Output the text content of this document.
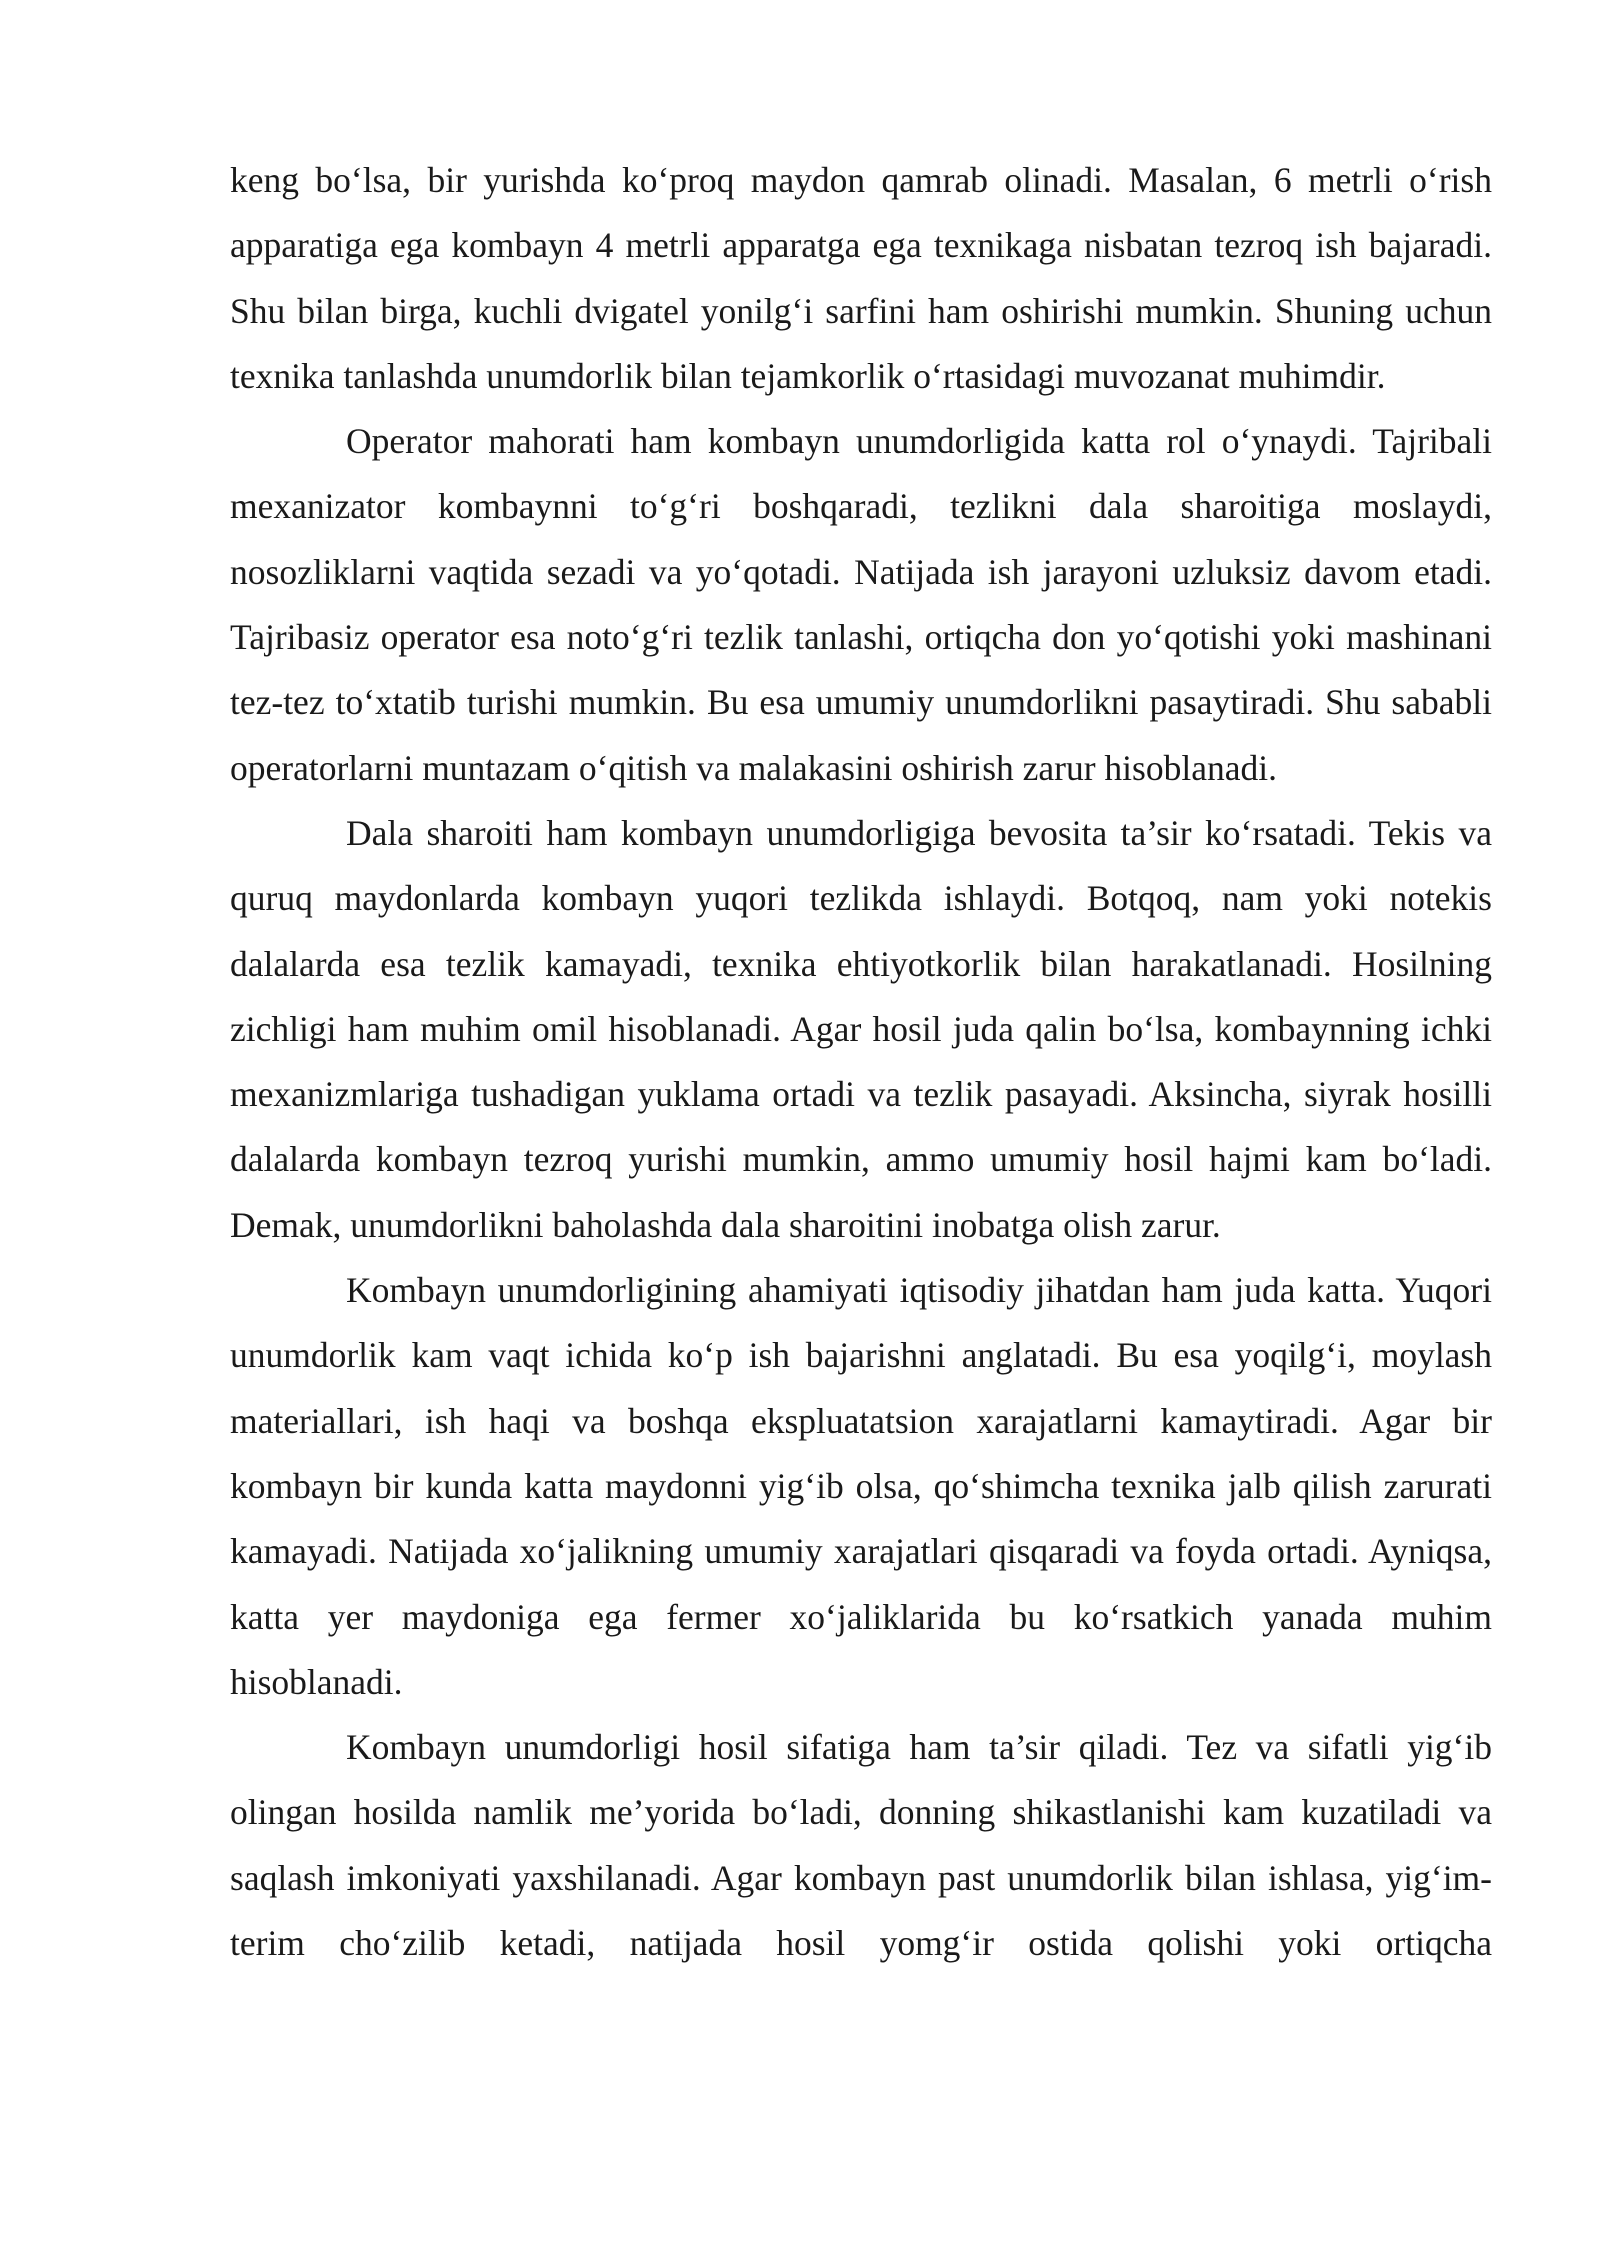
keng bo‘lsa, bir yurishda ko‘proq maydon qamrab olinadi. Masalan, 6 metrli o‘rish apparatiga ega kombayn 4 metrli apparatga ega texnikaga nisbatan tezroq ish bajaradi. Shu bilan birga, kuchli dvigatel yonilg‘i sarfini ham oshirishi mumkin. Shuning uchun texnika tanlashda unumdorlik bilan tejamkorlik o‘rtasidagi muvozanat muhimdir.

Operator mahorati ham kombayn unumdorligida katta rol o‘ynaydi. Tajribali mexanizator kombaynni to‘g‘ri boshqaradi, tezlikni dala sharoitiga moslaydi, nosozliklarni vaqtida sezadi va yo‘qotadi. Natijada ish jarayoni uzluksiz davom etadi. Tajribasiz operator esa noto‘g‘ri tezlik tanlashi, ortiqcha don yo‘qotishi yoki mashinani tez-tez to‘xtatib turishi mumkin. Bu esa umumiy unumdorlikni pasaytiradi. Shu sababli operatorlarni muntazam o‘qitish va malakasini oshirish zarur hisoblanadi.

Dala sharoiti ham kombayn unumdorligiga bevosita ta’sir ko‘rsatadi. Tekis va quruq maydonlarda kombayn yuqori tezlikda ishlaydi. Botqoq, nam yoki notekis dalalarda esa tezlik kamayadi, texnika ehtiyotkorlik bilan harakatlanadi. Hosilning zichligi ham muhim omil hisoblanadi. Agar hosil juda qalin bo‘lsa, kombaynning ichki mexanizmlariga tushadigan yuklama ortadi va tezlik pasayadi. Aksincha, siyrak hosilli dalalarda kombayn tezroq yurishi mumkin, ammo umumiy hosil hajmi kam bo‘ladi. Demak, unumdorlikni baholashda dala sharoitini inobatga olish zarur.

Kombayn unumdorligining ahamiyati iqtisodiy jihatdan ham juda katta. Yuqori unumdorlik kam vaqt ichida ko‘p ish bajarishni anglatadi. Bu esa yoqilg‘i, moylash materiallari, ish haqi va boshqa ekspluatatsion xarajatlarni kamaytiradi. Agar bir kombayn bir kunda katta maydonni yig‘ib olsa, qo‘shimcha texnika jalb qilish zarurati kamayadi. Natijada xo‘jalikning umumiy xarajatlari qisqaradi va foyda ortadi. Ayniqsa, katta yer maydoniga ega fermer xo‘jaliklarida bu ko‘rsatkich yanada muhim hisoblanadi.

Kombayn unumdorligi hosil sifatiga ham ta’sir qiladi. Tez va sifatli yig‘ib olingan hosilda namlik me’yorida bo‘ladi, donning shikastlanishi kam kuzatiladi va saqlash imkoniyati yaxshilanadi. Agar kombayn past unumdorlik bilan ishlasa, yig‘im-terim cho‘zilib ketadi, natijada hosil yomg‘ir ostida qolishi yoki ortiqcha
